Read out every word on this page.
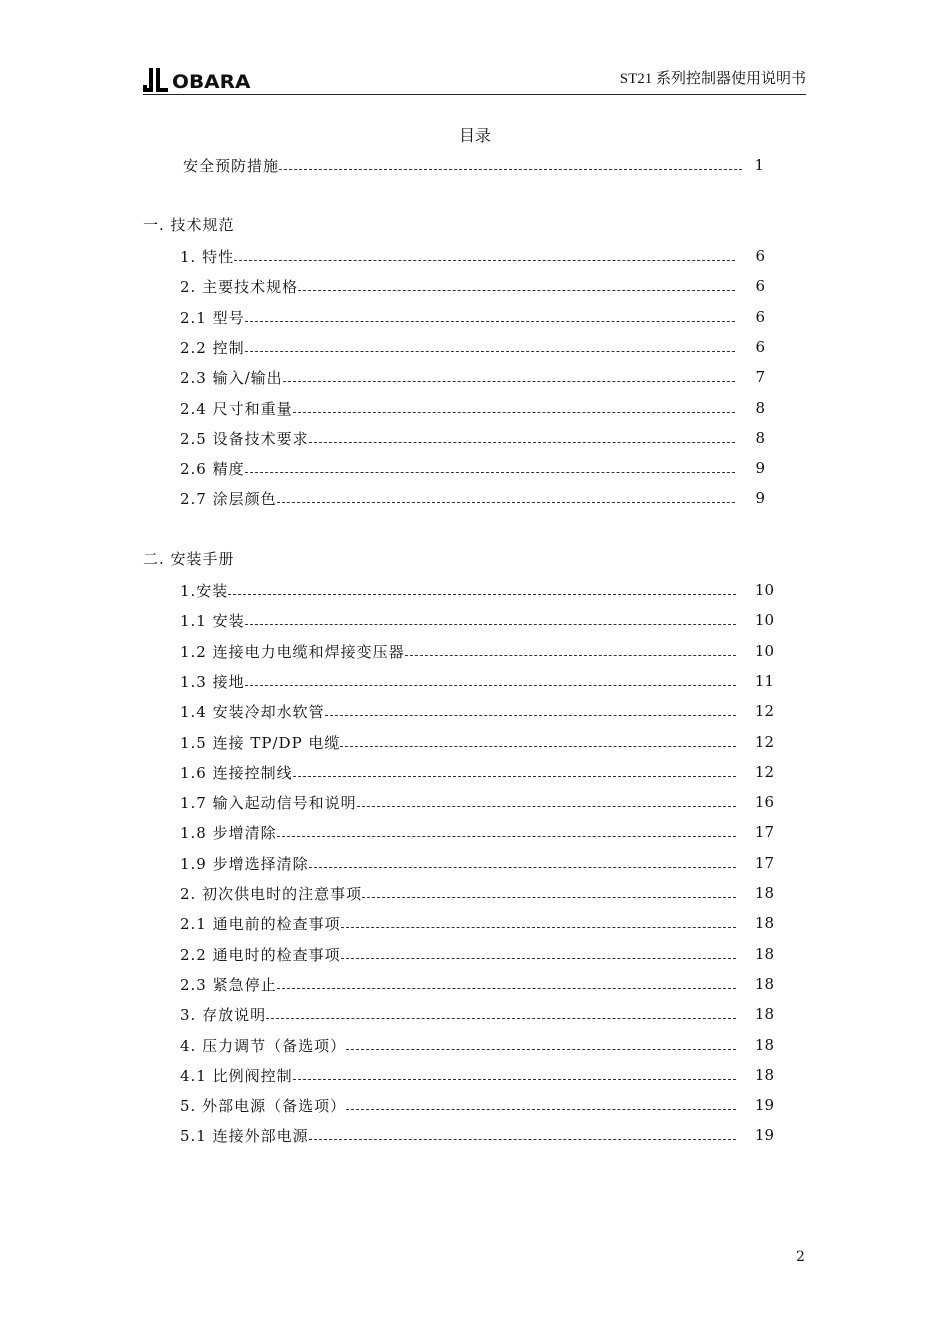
OBARA	ST21 系列控制器使用说明书
目录
安全预防措施	1
一. 技术规范
1. 特性	6
2. 主要技术规格	6
2.1 型号	6
2.2 控制	6
2.3 输入/输出	7
2.4 尺寸和重量	8
2.5 设备技术要求	8
2.6 精度	9
2.7 涂层颜色	9
二. 安装手册
1.安装	10
1.1 安装	10
1.2 连接电力电缆和焊接变压器	10
1.3 接地	11
1.4 安装冷却水软管	12
1.5 连接 TP/DP 电缆	12
1.6 连接控制线	12
1.7 输入起动信号和说明	16
1.8 步增清除	17
1.9 步增选择清除	17
2. 初次供电时的注意事项	18
2.1 通电前的检查事项	18
2.2 通电时的检查事项	18
2.3 紧急停止	18
3. 存放说明	18
4. 压力调节（备选项）	18
4.1 比例阀控制	18
5. 外部电源（备选项）	19
5.1 连接外部电源	19
2
